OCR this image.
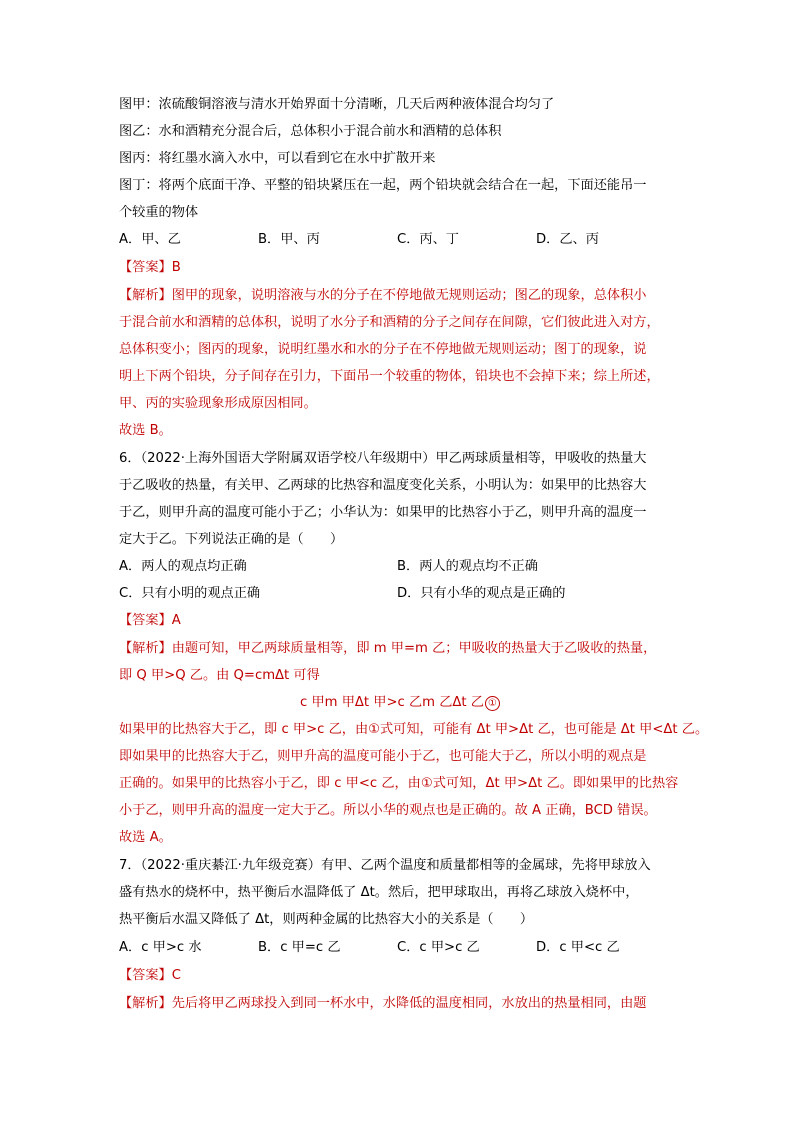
图甲：浓硫酸铜溶液与清水开始界面十分清晰，几天后两种液体混合均匀了
图乙：水和酒精充分混合后，总体积小于混合前水和酒精的总体积
图丙：将红墨水滴入水中，可以看到它在水中扩散开来
图丁：将两个底面干净、平整的铅块紧压在一起，两个铅块就会结合在一起，下面还能吊一
个较重的物体
A．甲、乙	B．甲、丙	C．丙、丁	D．乙、丙
【答案】B
【解析】图甲的现象，说明溶液与水的分子在不停地做无规则运动；图乙的现象，总体积小
于混合前水和酒精的总体积，说明了水分子和酒精的分子之间存在间隙，它们彼此进入对方，
总体积变小；图丙的现象，说明红墨水和水的分子在不停地做无规则运动；图丁的现象，说
明上下两个铅块，分子间存在引力，下面吊一个较重的物体，铅块也不会掉下来；综上所述，
甲、丙的实验现象形成原因相同。
故选 B。
6．（2022·上海外国语大学附属双语学校八年级期中）甲乙两球质量相等，甲吸收的热量大
于乙吸收的热量，有关甲、乙两球的比热容和温度变化关系，小明认为：如果甲的比热容大
于乙，则甲升高的温度可能小于乙；小华认为：如果甲的比热容小于乙，则甲升高的温度一
定大于乙。下列说法正确的是（　　）
A．两人的观点均正确	B．两人的观点均不正确
C．只有小明的观点正确	D．只有小华的观点是正确的
【答案】A
【解析】由题可知，甲乙两球质量相等，即 m 甲=m 乙；甲吸收的热量大于乙吸收的热量，
即 Q 甲>Q 乙。由 Q=cmΔt 可得
c 甲m 甲Δt 甲>c 乙m 乙Δt 乙 ①
如果甲的比热容大于乙，即 c 甲>c 乙，由①式可知，可能有 Δt 甲>Δt 乙，也可能是 Δt 甲<Δt 乙。
即如果甲的比热容大于乙，则甲升高的温度可能小于乙，也可能大于乙，所以小明的观点是
正确的。如果甲的比热容小于乙，即 c 甲<c 乙，由①式可知，Δt 甲>Δt 乙。即如果甲的比热容
小于乙，则甲升高的温度一定大于乙。所以小华的观点也是正确的。故 A 正确，BCD 错误。
故选 A。
7．（2022·重庆綦江·九年级竞赛）有甲、乙两个温度和质量都相等的金属球，先将甲球放入
盛有热水的烧杯中，热平衡后水温降低了 Δt。然后，把甲球取出，再将乙球放入烧杯中，
热平衡后水温又降低了 Δt，则两种金属的比热容大小的关系是（　　）
A．c 甲>c 水	B．c 甲=c 乙	C．c 甲>c 乙	D．c 甲<c 乙
【答案】C
【解析】先后将甲乙两球投入到同一杯水中，水降低的温度相同，水放出的热量相同，由题
